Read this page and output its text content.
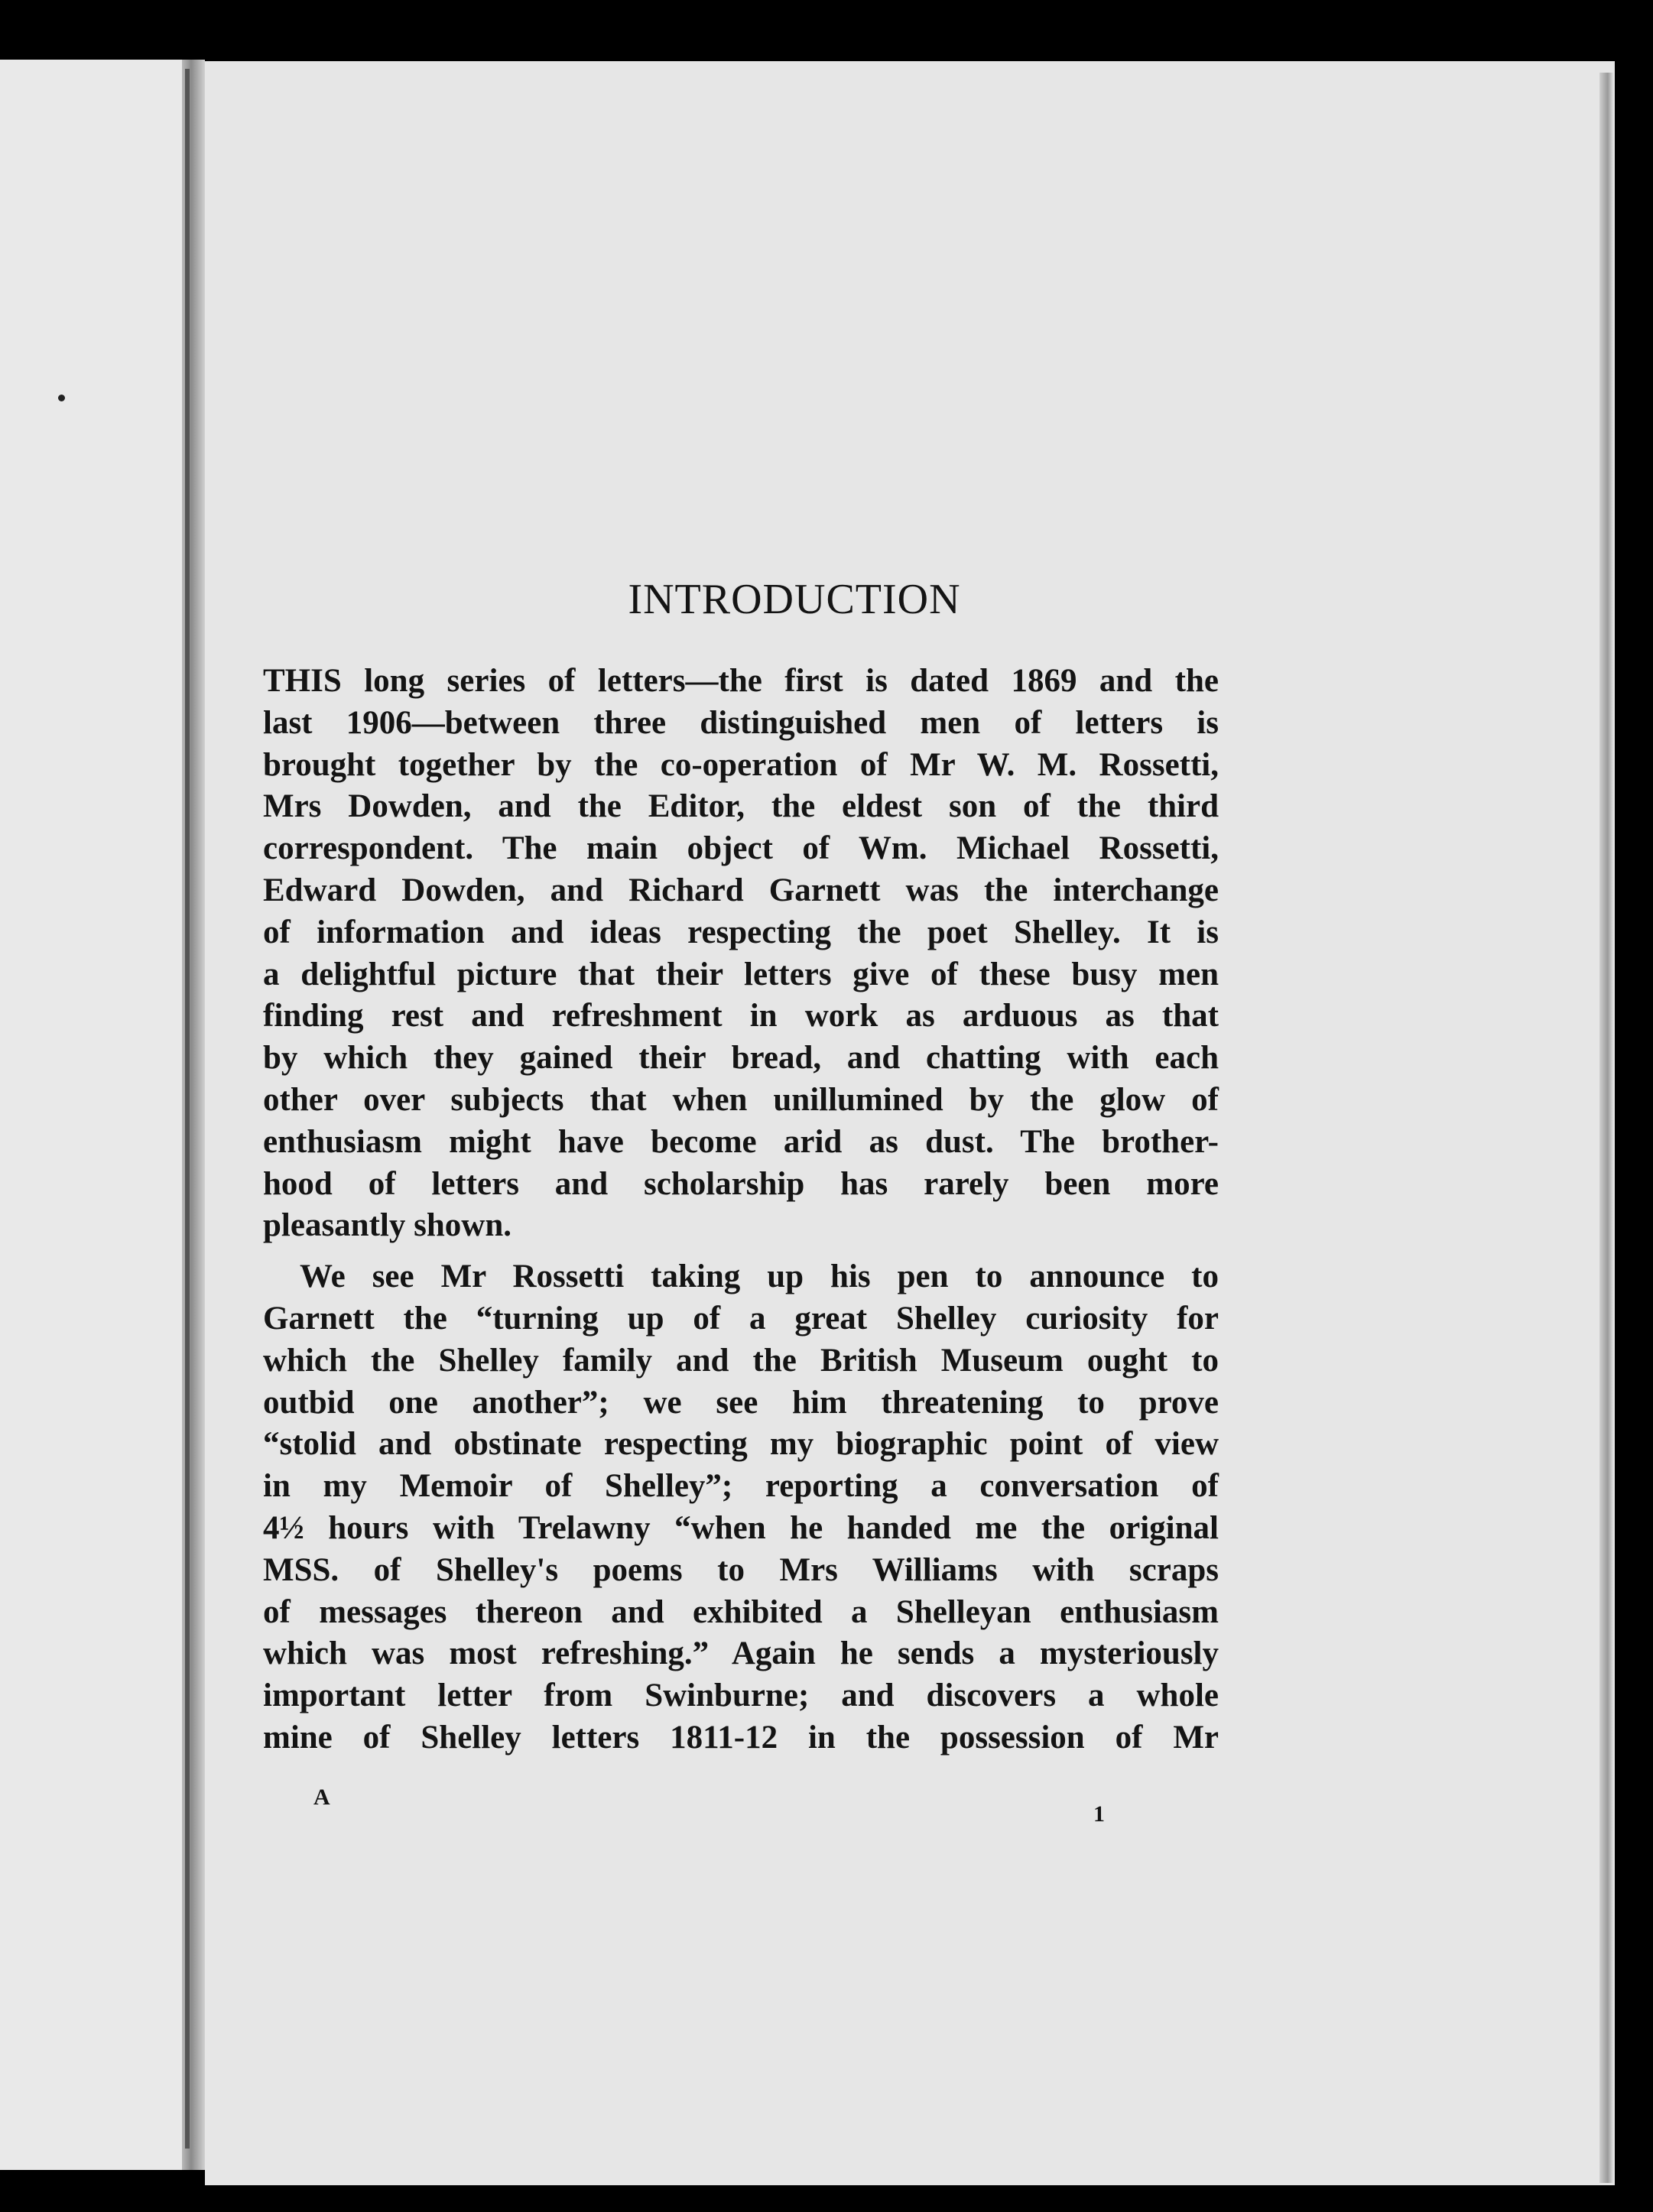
INTRODUCTION

THIS long series of letters—the first is dated 1869 and the
last 1906—between three distinguished men of letters is
brought together by the co-operation of Mr W. M. Rossetti,
Mrs Dowden, and the Editor, the eldest son of the third
correspondent. The main object of Wm. Michael Rossetti,
Edward Dowden, and Richard Garnett was the interchange
of information and ideas respecting the poet Shelley. It is
a delightful picture that their letters give of these busy men
finding rest and refreshment in work as arduous as that
by which they gained their bread, and chatting with each
other over subjects that when unillumined by the glow of
enthusiasm might have become arid as dust. The brother-
hood of letters and scholarship has rarely been more
pleasantly shown.

We see Mr Rossetti taking up his pen to announce to
Garnett the “turning up of a great Shelley curiosity for
which the Shelley family and the British Museum ought to
outbid one another”; we see him threatening to prove
“stolid and obstinate respecting my biographic point of view
in my Memoir of Shelley”; reporting a conversation of
4½ hours with Trelawny “when he handed me the original
MSS. of Shelley's poems to Mrs Williams with scraps
of messages thereon and exhibited a Shelleyan enthusiasm
which was most refreshing.” Again he sends a mysteriously
important letter from Swinburne; and discovers a whole
mine of Shelley letters 1811-12 in the possession of Mr

A
1
